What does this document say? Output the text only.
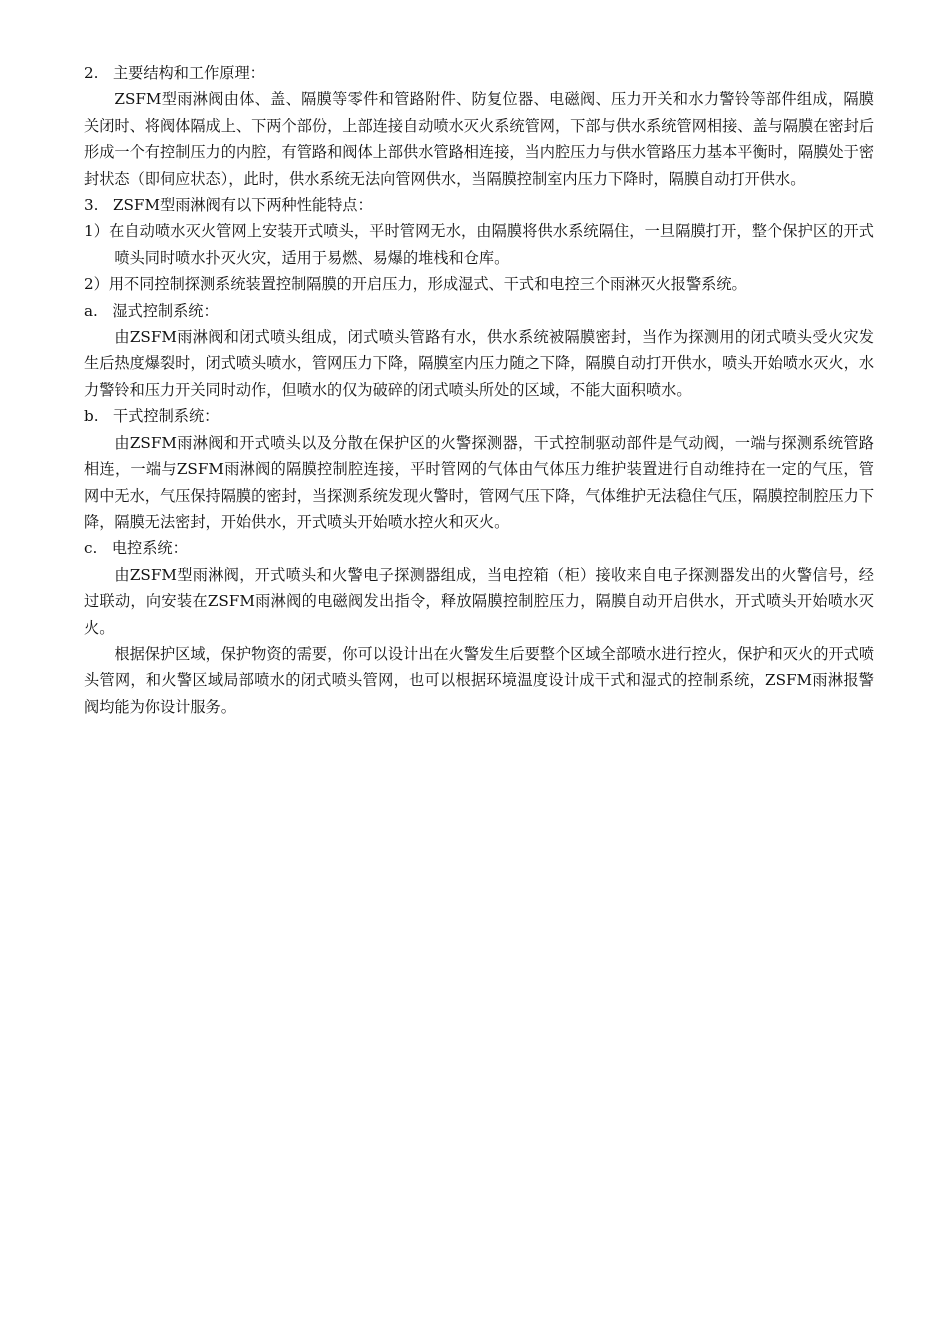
2.   主要结构和工作原理：

ZSFM型雨淋阀由体、盖、隔膜等零件和管路附件、防复位器、电磁阀、压力开关和水力警铃等部件组成，隔膜关闭时、将阀体隔成上、下两个部份，上部连接自动喷水灭火系统管网，下部与供水系统管网相接、盖与隔膜在密封后形成一个有控制压力的内腔，有管路和阀体上部供水管路相连接，当内腔压力与供水管路压力基本平衡时，隔膜处于密封状态（即伺应状态），此时，供水系统无法向管网供水，当隔膜控制室内压力下降时，隔膜自动打开供水。

3.   ZSFM型雨淋阀有以下两种性能特点：

1）在自动喷水灭火管网上安装开式喷头，平时管网无水，由隔膜将供水系统隔住，一旦隔膜打开，整个保护区的开式喷头同时喷水扑灭火灾，适用于易燃、易爆的堆栈和仓库。

2）用不同控制探测系统装置控制隔膜的开启压力，形成湿式、干式和电控三个雨淋灭火报警系统。

a.   湿式控制系统：

由ZSFM雨淋阀和闭式喷头组成，闭式喷头管路有水，供水系统被隔膜密封，当作为探测用的闭式喷头受火灾发生后热度爆裂时，闭式喷头喷水，管网压力下降，隔膜室内压力随之下降，隔膜自动打开供水，喷头开始喷水灭火，水力警铃和压力开关同时动作，但喷水的仅为破碎的闭式喷头所处的区域，不能大面积喷水。

b.   干式控制系统：

由ZSFM雨淋阀和开式喷头以及分散在保护区的火警探测器，干式控制驱动部件是气动阀，一端与探测系统管路相连，一端与ZSFM雨淋阀的隔膜控制腔连接，平时管网的气体由气体压力维护装置进行自动维持在一定的气压，管网中无水，气压保持隔膜的密封，当探测系统发现火警时，管网气压下降，气体维护无法稳住气压，隔膜控制腔压力下降，隔膜无法密封，开始供水，开式喷头开始喷水控火和灭火。

c.   电控系统：

由ZSFM型雨淋阀，开式喷头和火警电子探测器组成，当电控箱（柜）接收来自电子探测器发出的火警信号，经过联动，向安装在ZSFM雨淋阀的电磁阀发出指令，释放隔膜控制腔压力，隔膜自动开启供水，开式喷头开始喷水灭火。

根据保护区域，保护物资的需要，你可以设计出在火警发生后要整个区域全部喷水进行控火，保护和灭火的开式喷头管网，和火警区域局部喷水的闭式喷头管网，也可以根据环境温度设计成干式和湿式的控制系统，ZSFM雨淋报警阀均能为你设计服务。
